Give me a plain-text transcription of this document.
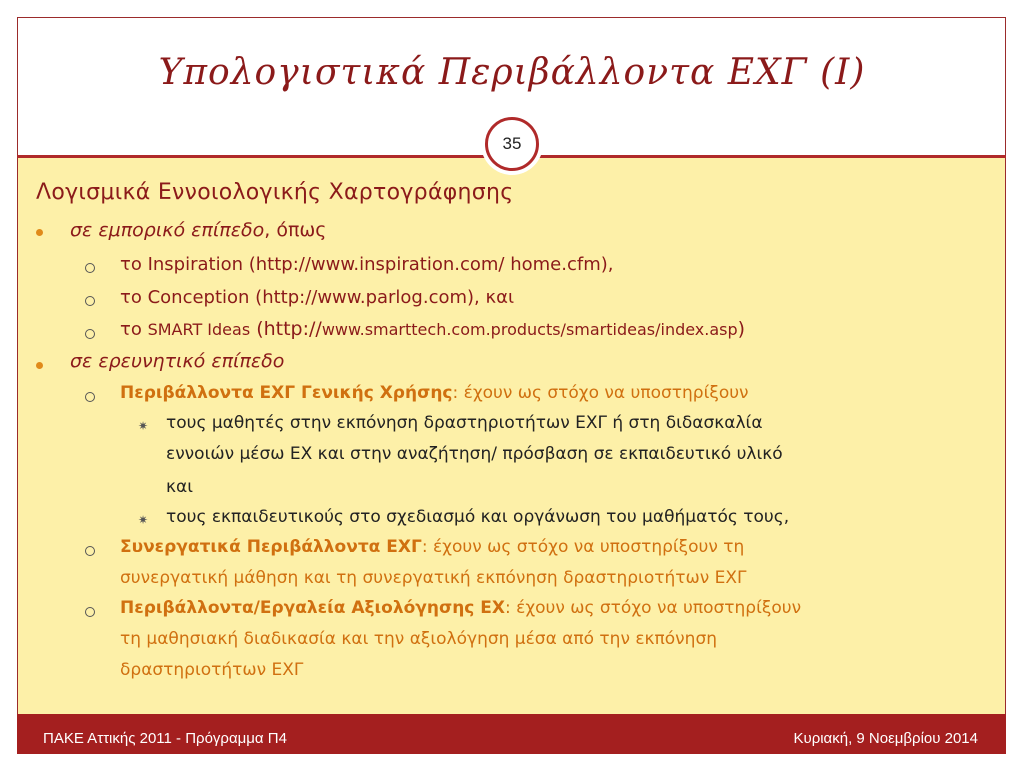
Υπολογιστικά Περιβάλλοντα ΕΧΓ (Ι)
35	35
Λογισμικά Εννοιολογικής Χαρτογράφησης
σε εμπορικό επίπεδο, όπως
το Inspiration (http://www.inspiration.com/ home.cfm),
το Conception (http://www.parlog.com), και
το SMART Ideas (http://www.smarttech.com.products/smartideas/index.asp)
σε ερευνητικό επίπεδο
Περιβάλλοντα ΕΧΓ Γενικής Χρήσης: έχουν ως στόχο να υποστηρίξουν
✷ τους μαθητές στην εκπόνηση δραστηριοτήτων ΕΧΓ ή στη διδασκαλία
εννοιών μέσω ΕΧ και στην αναζήτηση/ πρόσβαση σε εκπαιδευτικό υλικό
και
✷ τους εκπαιδευτικούς στο σχεδιασμό και οργάνωση του μαθήματός τους,
Συνεργατικά Περιβάλλοντα ΕΧΓ: έχουν ως στόχο να υποστηρίξουν τη
συνεργατική μάθηση και τη συνεργατική εκπόνηση δραστηριοτήτων ΕΧΓ
Περιβάλλοντα/Εργαλεία Αξιολόγησης ΕΧ: έχουν ως στόχο να υποστηρίξουν
τη μαθησιακή διαδικασία και την αξιολόγηση μέσα από την εκπόνηση
δραστηριοτήτων ΕΧΓ
ΠΑΚΕ Αττικής 2011 - Πρόγραμμα Π4	Κυριακή, 9 Νοεμβρίου 2014
